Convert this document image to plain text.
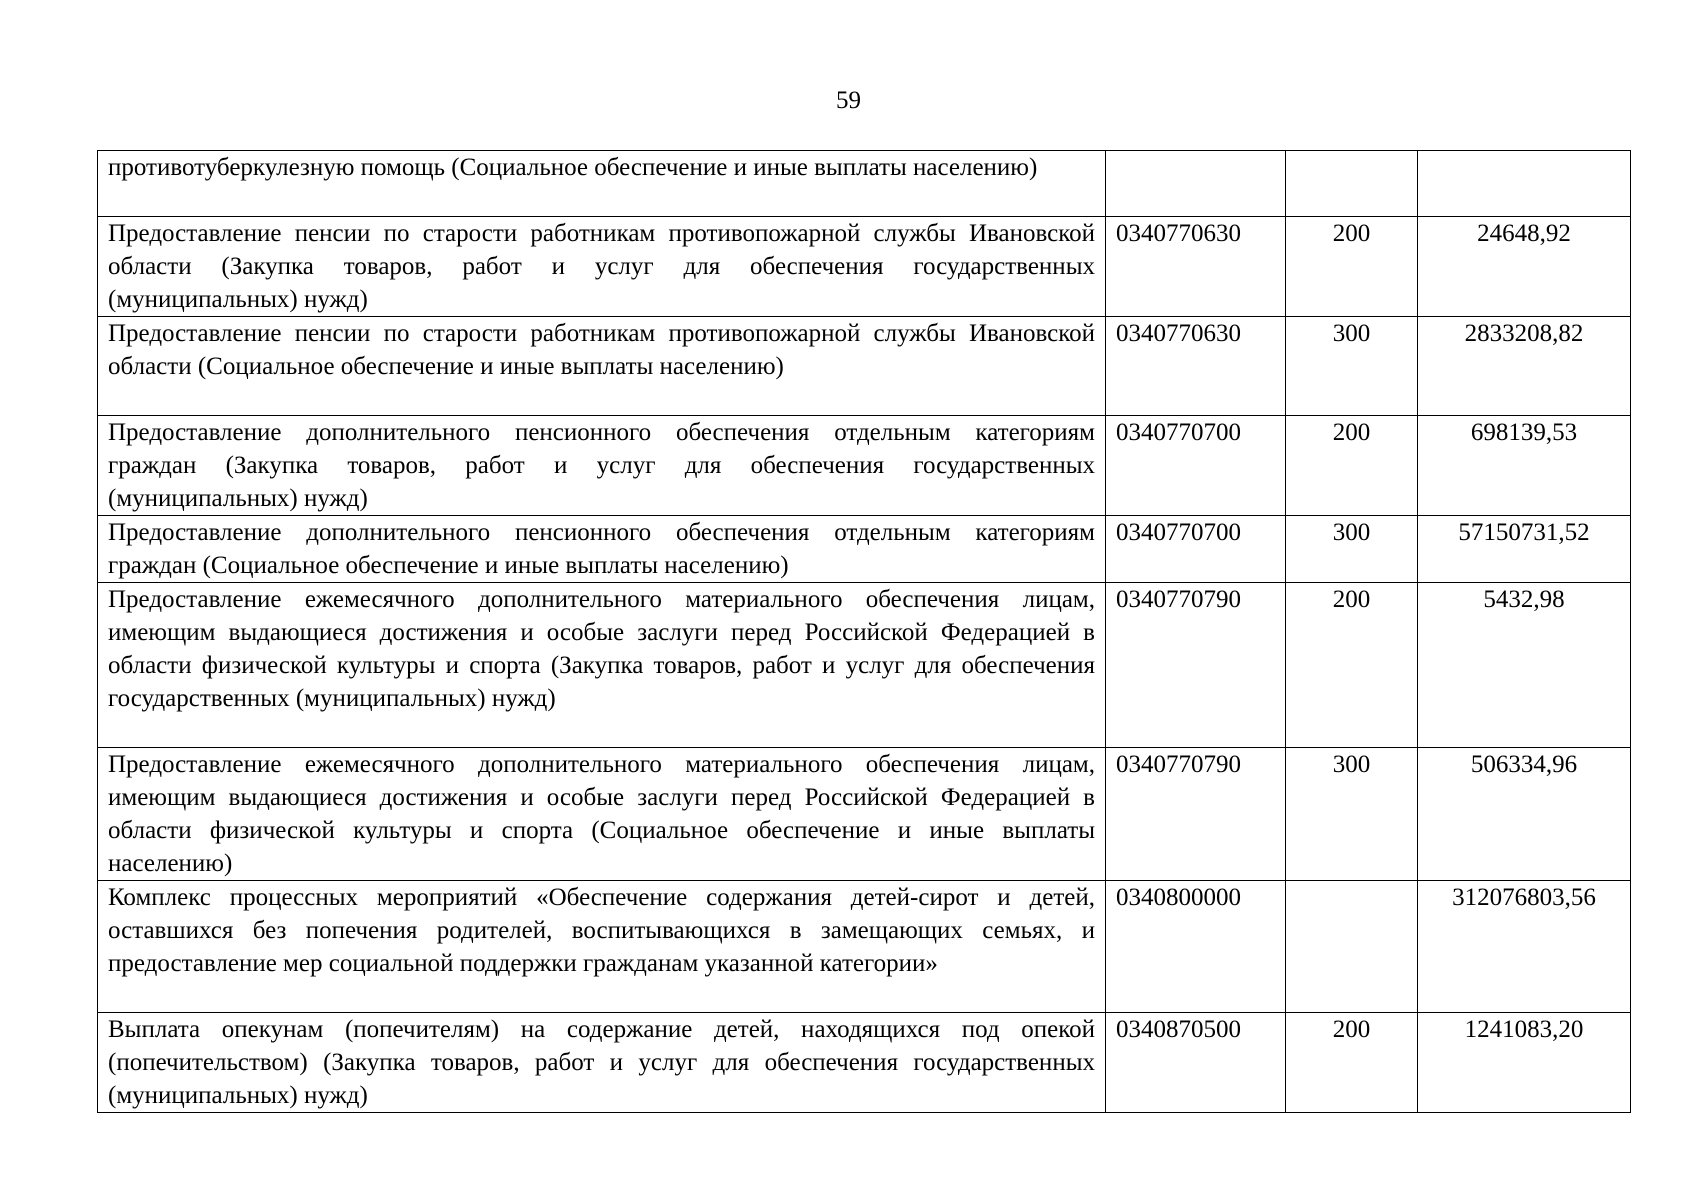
59
противотуберкулезную помощь (Социальное обеспечение и иные выплаты населению)			
Предоставление пенсии по старости работникам противопожарной службы Ивановской области (Закупка товаров, работ и услуг для обеспечения государственных (муниципальных) нужд)	0340770630	200	24648,92
Предоставление пенсии по старости работникам противопожарной службы Ивановской области (Социальное обеспечение и иные выплаты населению)	0340770630	300	2833208,82
Предоставление дополнительного пенсионного обеспечения отдельным категориям граждан (Закупка товаров, работ и услуг для обеспечения государственных (муниципальных) нужд)	0340770700	200	698139,53
Предоставление дополнительного пенсионного обеспечения отдельным категориям граждан (Социальное обеспечение и иные выплаты населению)	0340770700	300	57150731,52
Предоставление ежемесячного дополнительного материального обеспечения лицам, имеющим выдающиеся достижения и особые заслуги перед Российской Федерацией в области физической культуры и спорта (Закупка товаров, работ и услуг для обеспечения государственных (муниципальных) нужд)	0340770790	200	5432,98
Предоставление ежемесячного дополнительного материального обеспечения лицам, имеющим выдающиеся достижения и особые заслуги перед Российской Федерацией в области физической культуры и спорта (Социальное обеспечение и иные выплаты населению)	0340770790	300	506334,96
Комплекс процессных мероприятий «Обеспечение содержания детей-сирот и детей, оставшихся без попечения родителей, воспитывающихся в замещающих семьях, и предоставление мер социальной поддержки гражданам указанной категории»	0340800000		312076803,56
Выплата опекунам (попечителям) на содержание детей, находящихся под опекой (попечительством) (Закупка товаров, работ и услуг для обеспечения государственных (муниципальных) нужд)	0340870500	200	1241083,20
